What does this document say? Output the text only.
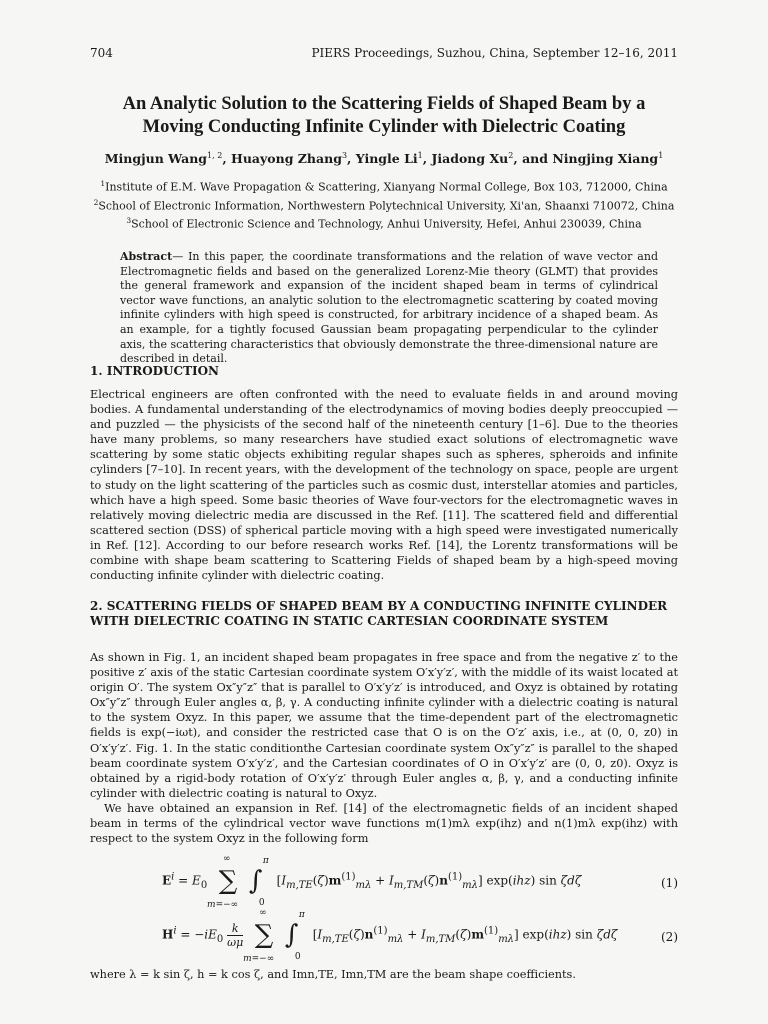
704	PIERS Proceedings, Suzhou, China, September 12–16, 2011
An Analytic Solution to the Scattering Fields of Shaped Beam by a
Moving Conducting Infinite Cylinder with Dielectric Coating
Mingjun Wang$^{1, 2}$, Huayong Zhang$^3$, Yingle Li$^1$, Jiadong Xu$^2$, and Ningjing Xiang$^1$
$^1$Institute of E.M. Wave Propagation & Scattering, Xianyang Normal College, Box 103, 712000, China
$^2$School of Electronic Information, Northwestern Polytechnical University, Xi'an, Shaanxi 710072, China
$^3$School of Electronic Science and Technology, Anhui University, Hefei, Anhui 230039, China
Abstract— In this paper, the coordinate transformations and the relation of wave vector and Electromagnetic fields and based on the generalized Lorenz-Mie theory (GLMT) that provides the general framework and expansion of the incident shaped beam in terms of cylindrical vector wave functions, an analytic solution to the electromagnetic scattering by coated moving infinite cylinders with high speed is constructed, for arbitrary incidence of a shaped beam. As an example, for a tightly focused Gaussian beam propagating perpendicular to the cylinder axis, the scattering characteristics that obviously demonstrate the three-dimensional nature are described in detail.
1. INTRODUCTION

Electrical engineers are often confronted with the need to evaluate fields in and around moving bodies. A fundamental understanding of the electrodynamics of moving bodies deeply preoccupied — and puzzled — the physicists of the second half of the nineteenth century [1–6]. Due to the theories have many problems, so many researchers have studied exact solutions of electromagnetic wave scattering by some static objects exhibiting regular shapes such as spheres, spheroids and infinite cylinders [7–10]. In recent years, with the development of the technology on space, people are urgent to study on the light scattering of the particles such as cosmic dust, interstellar atomies and particles, which have a high speed. Some basic theories of Wave four-vectors for the electromagnetic waves in relatively moving dielectric media are discussed in the Ref. [11]. The scattered field and differential scattered section (DSS) of spherical particle moving with a high speed were investigated numerically in Ref. [12]. According to our before research works Ref. [14], the Lorentz transformations will be combine with shape beam scattering to Scattering Fields of shaped beam by a high-speed moving conducting infinite cylinder with dielectric coating.

2. SCATTERING FIELDS OF SHAPED BEAM BY A CONDUCTING INFINITE CYLINDER WITH DIELECTRIC COATING IN STATIC CARTESIAN COORDINATE SYSTEM

As shown in Fig. 1, an incident shaped beam propagates in free space and from the negative z′ to the positive z′ axis of the static Cartesian coordinate system O′x′y′z′, with the middle of its waist located at origin O′. The system Ox″y″z″ that is parallel to O′x′y′z′ is introduced, and Oxyz is obtained by rotating Ox″y″z″ through Euler angles α, β, γ. A conducting infinite cylinder with a dielectric coating is natural to the system Oxyz. In this paper, we assume that the time-dependent part of the electromagnetic fields is exp(−iωt), and consider the restricted case that O is on the O′z′ axis, i.e., at (0, 0, z0) in O′x′y′z′. Fig. 1. In the static conditionthe Cartesian coordinate system Ox″y″z″ is parallel to the shaped beam coordinate system O′x′y′z′, and the Cartesian coordinates of O in O′x′y′z′ are (0, 0, z0). Oxyz is obtained by a rigid-body rotation of O′x′y′z′ through Euler angles α, β, γ, and a conducting infinite cylinder with dielectric coating is natural to Oxyz.

We have obtained an expansion in Ref. [14] of the electromagnetic fields of an incident shaped beam in terms of the cylindrical vector wave functions m(1)mλ exp(ihz) and n(1)mλ exp(ihz) with respect to the system Oxyz in the following form

$E^i = E_0$
∞
∑
m=−∞

π
∫
0
$[I_{m,TE}(\zeta)m^{(1)}_{m\lambda} + I_{m,TM}(\zeta)n^{(1)}_{m\lambda}]$ exp(ihz) sin ζdζ	(1)
$H^i = -iE_0 \frac{k}{\omega\mu}$

∞
∑
m=−∞

π
∫
0
$[I_{m,TE}(\zeta)n^{(1)}_{m\lambda} + I_{m,TM}(\zeta)m^{(1)}_{m\lambda}]$ exp(ihz) sin ζdζ	(2)
where λ = k sin ζ, h = k cos ζ, and Imn,TE, Imn,TM are the beam shape coefficients.
